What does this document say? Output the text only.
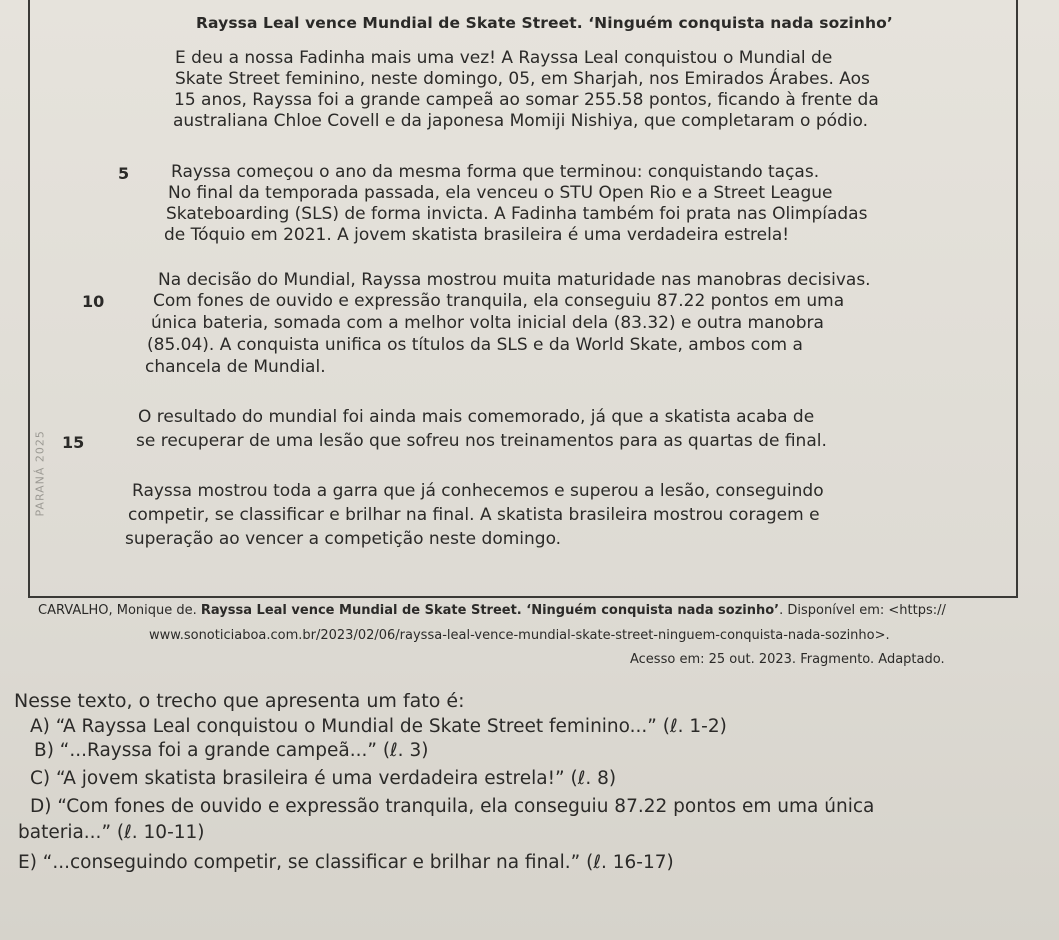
Rayssa Leal vence Mundial de Skate Street. ‘Ninguém conquista nada sozinho’
E deu a nossa Fadinha mais uma vez! A Rayssa Leal conquistou o Mundial de
Skate Street feminino, neste domingo, 05, em Sharjah, nos Emirados Árabes. Aos
15 anos, Rayssa foi a grande campeã ao somar 255.58 pontos, ficando à frente da
australiana Chloe Covell e da japonesa Momiji Nishiya, que completaram o pódio.
5 Rayssa começou o ano da mesma forma que terminou: conquistando taças.
No final da temporada passada, ela venceu o STU Open Rio e a Street League
Skateboarding (SLS) de forma invicta. A Fadinha também foi prata nas Olimpíadas
de Tóquio em 2021. A jovem skatista brasileira é uma verdadeira estrela!
Na decisão do Mundial, Rayssa mostrou muita maturidade nas manobras decisivas.
10	Com fones de ouvido e expressão tranquila, ela conseguiu 87.22 pontos em uma
única bateria, somada com a melhor volta inicial dela (83.32) e outra manobra
(85.04). A conquista unifica os títulos da SLS e da World Skate, ambos com a
chancela de Mundial.
O resultado do mundial foi ainda mais comemorado, já que a skatista acaba de
15	se recuperar de uma lesão que sofreu nos treinamentos para as quartas de final.
Rayssa mostrou toda a garra que já conhecemos e superou a lesão, conseguindo
competir, se classificar e brilhar na final. A skatista brasileira mostrou coragem e
superação ao vencer a competição neste domingo.
PARANÁ 2025
CARVALHO, Monique de. Rayssa Leal vence Mundial de Skate Street. ‘Ninguém conquista nada sozinho’. Disponível em: <https://
www.sonoticiaboa.com.br/2023/02/06/rayssa-leal-vence-mundial-skate-street-ninguem-conquista-nada-sozinho>.
Acesso em: 25 out. 2023. Fragmento. Adaptado.
Nesse texto, o trecho que apresenta um fato é:
A) “A Rayssa Leal conquistou o Mundial de Skate Street feminino...” (ℓ. 1-2)
B) “...Rayssa foi a grande campeã...” (ℓ. 3)
C) “A jovem skatista brasileira é uma verdadeira estrela!” (ℓ. 8)
D) “Com fones de ouvido e expressão tranquila, ela conseguiu 87.22 pontos em uma única
bateria...” (ℓ. 10-11)
E) “...conseguindo competir, se classificar e brilhar na final.” (ℓ. 16-17)
